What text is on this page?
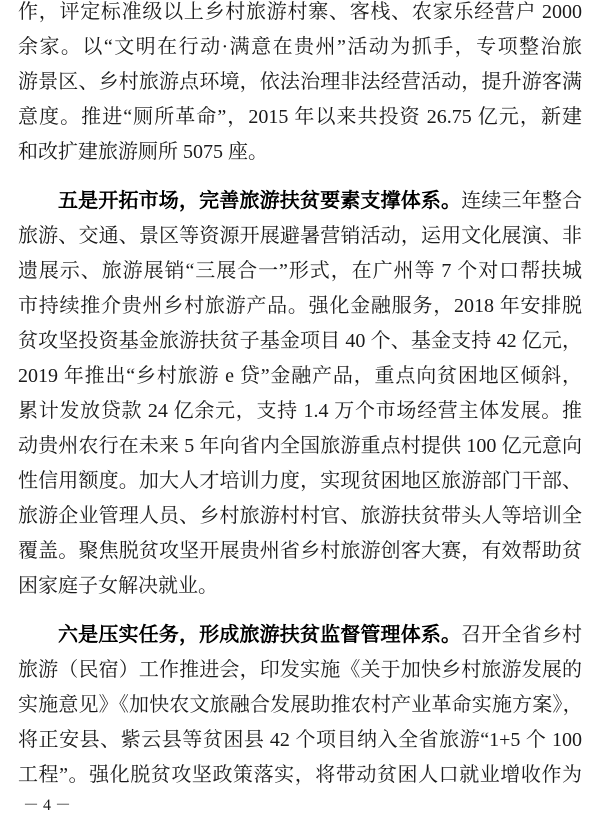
作，评定标准级以上乡村旅游村寨、客栈、农家乐经营户 2000
余家。以“文明在行动·满意在贵州”活动为抓手，专项整治旅
游景区、乡村旅游点环境，依法治理非法经营活动，提升游客满
意度。推进“厕所革命”，2015 年以来共投资 26.75 亿元，新建
和改扩建旅游厕所 5075 座。
五是开拓市场，完善旅游扶贫要素支撑体系。连续三年整合
旅游、交通、景区等资源开展避暑营销活动，运用文化展演、非
遗展示、旅游展销“三展合一”形式，在广州等 7 个对口帮扶城
市持续推介贵州乡村旅游产品。强化金融服务，2018 年安排脱
贫攻坚投资基金旅游扶贫子基金项目 40 个、基金支持 42 亿元，
2019 年推出“乡村旅游 e 贷”金融产品，重点向贫困地区倾斜，
累计发放贷款 24 亿余元，支持 1.4 万个市场经营主体发展。推
动贵州农行在未来 5 年向省内全国旅游重点村提供 100 亿元意向
性信用额度。加大人才培训力度，实现贫困地区旅游部门干部、
旅游企业管理人员、乡村旅游村村官、旅游扶贫带头人等培训全
覆盖。聚焦脱贫攻坚开展贵州省乡村旅游创客大赛，有效帮助贫
困家庭子女解决就业。
六是压实任务，形成旅游扶贫监督管理体系。召开全省乡村
旅游（民宿）工作推进会，印发实施《关于加快乡村旅游发展的
实施意见》《加快农文旅融合发展助推农村产业革命实施方案》，
将正安县、紫云县等贫困县 42 个项目纳入全省旅游“1+5 个 100
工程”。强化脱贫攻坚政策落实，将带动贫困人口就业增收作为
－ 4 －
